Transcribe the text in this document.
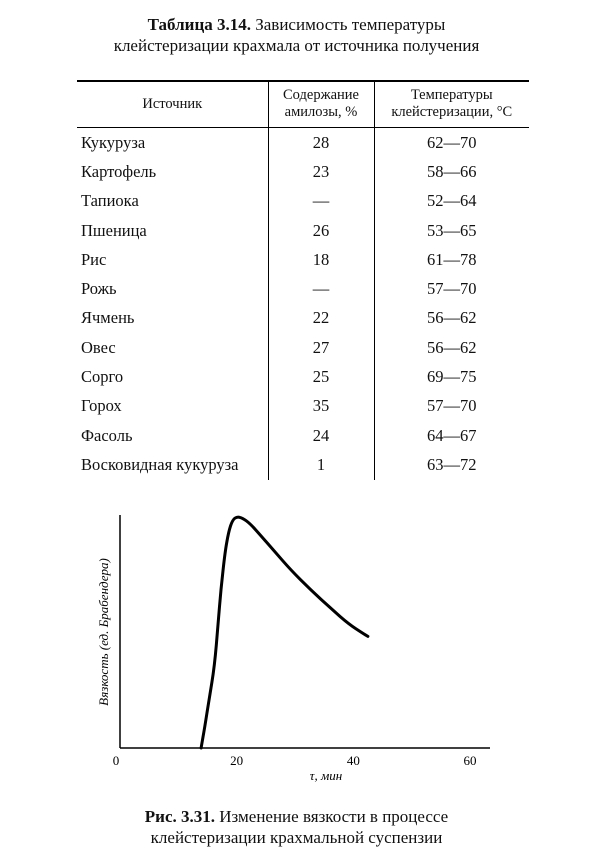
Таблица 3.14. Зависимость температуры
клейстеризации крахмала от источника получения
Источник	Содержание амилозы, %	Температуры клейстеризации, °С
Кукуруза	28	62—70
Картофель	23	58—66
Тапиока	—	52—64
Пшеница	26	53—65
Рис	18	61—78
Рожь	—	57—70
Ячмень	22	56—62
Овес	27	56—62
Сорго	25	69—75
Горох	35	57—70
Фасоль	24	64—67
Восковидная кукуруза	1	63—72
0	20	40	60
Вязкость (ед. Брабендера)
τ, мин
Рис. 3.31. Изменение вязкости в процессе
клейстеризации крахмальной суспензии
